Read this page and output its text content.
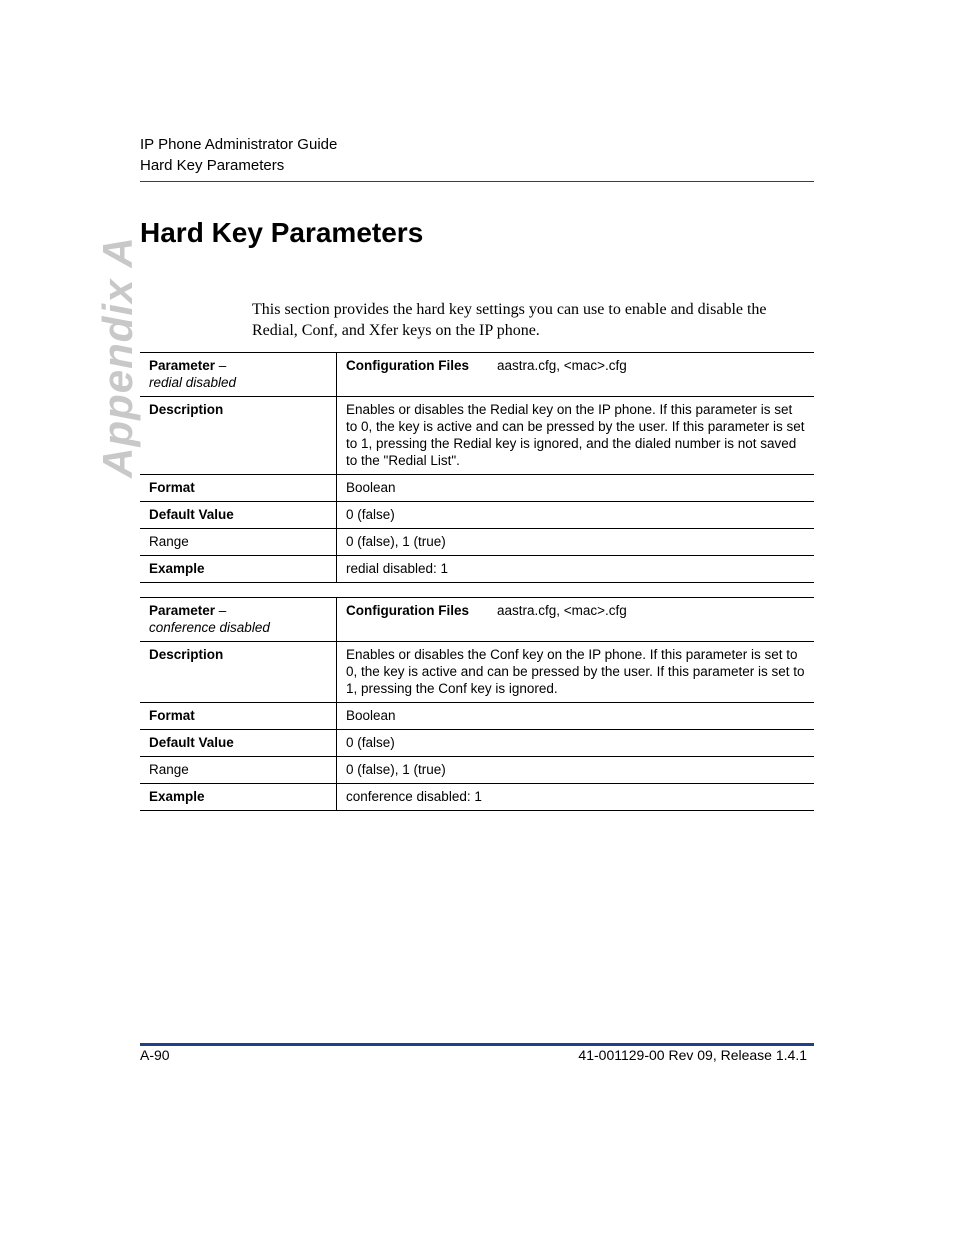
IP Phone Administrator Guide
Hard Key Parameters
Appendix A
Hard Key Parameters
This section provides the hard key settings you can use to enable and disable the Redial, Conf, and Xfer keys on the IP phone.
Parameter –
redial disabled	Configuration Files aastra.cfg, <mac>.cfg
Description	Enables or disables the Redial key on the IP phone. If this parameter is set to 0, the key is active and can be pressed by the user. If this parameter is set to 1, pressing the Redial key is ignored, and the dialed number is not saved to the "Redial List".
Format	Boolean
Default Value	0 (false)
Range	0 (false), 1 (true)
Example	redial disabled: 1
Parameter –
conference disabled	Configuration Files aastra.cfg, <mac>.cfg
Description	Enables or disables the Conf key on the IP phone. If this parameter is set to 0, the key is active and can be pressed by the user. If this parameter is set to 1, pressing the Conf key is ignored.
Format	Boolean
Default Value	0 (false)
Range	0 (false), 1 (true)
Example	conference disabled: 1
A-90	41-001129-00 Rev 09, Release 1.4.1
